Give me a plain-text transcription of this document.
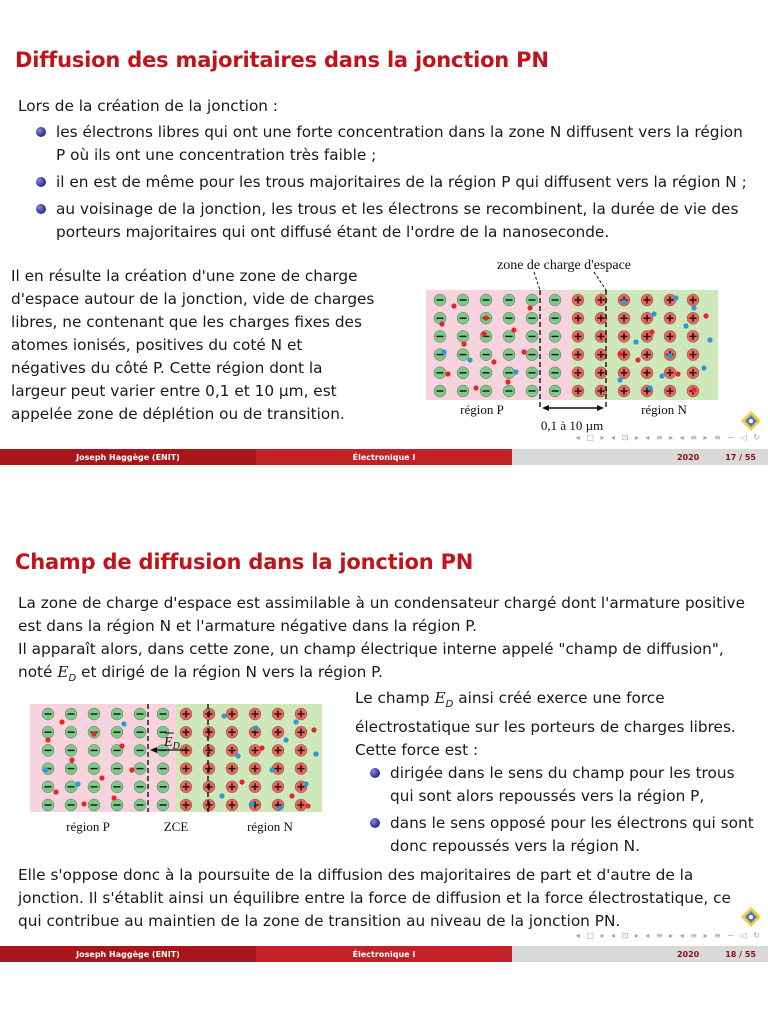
Diffusion des majoritaires dans la jonction PN
Lors de la création de la jonction :
les électrons libres qui ont une forte concentration dans la zone N diffusent vers la région P où ils ont une concentration très faible ;
il en est de même pour les trous majoritaires de la région P qui diffusent vers la région N ;
au voisinage de la jonction, les trous et les électrons se recombinent, la durée de vie des porteurs majoritaires qui ont diffusé étant de l'ordre de la nanoseconde.
Il en résulte la création d'une zone de charge d'espace autour de la jonction, vide de charges libres, ne contenant que les charges fixes des atomes ionisés, positives du coté N et négatives du côté P. Cette région dont la largeur peut varier entre 0,1 et 10 µm, est appelée zone de déplétion ou de transition.
zone de charge d'espace
région P	région N
0,1 à 10 µm
◂ □ ▸ ◂ ⊡ ▸ ◂ ≡ ▸ ◂ ≡ ▸ ≡ ∽ ◁ ↻
Joseph Haggège (ENIT)	Électronique I	2020	17 / 55
Champ de diffusion dans la jonction PN
La zone de charge d'espace est assimilable à un condensateur chargé dont l'armature positive
est dans la région N et l'armature négative dans la région P.
Il apparaît alors, dans cette zone, un champ électrique interne appelé "champ de diffusion",
noté $E_D$ et dirigé de la région N vers la région P.
$E_D$
région P	ZCE	région N
Le champ $E_D$ ainsi créé exerce une force électrostatique sur les porteurs de charges libres. Cette force est :
dirigée dans le sens du champ pour les trous qui sont alors repoussés vers la région P,
dans le sens opposé pour les électrons qui sont donc repoussés vers la région N.
Elle s'oppose donc à la poursuite de la diffusion des majoritaires de part et d'autre de la jonction. Il s'établit ainsi un équilibre entre la force de diffusion et la force électrostatique, ce qui contribue au maintien de la zone de transition au niveau de la jonction PN.
◂ □ ▸ ◂ ⊡ ▸ ◂ ≡ ▸ ◂ ≡ ▸ ≡ ∽ ◁ ↻
Joseph Haggège (ENIT)	Électronique I	2020	18 / 55
